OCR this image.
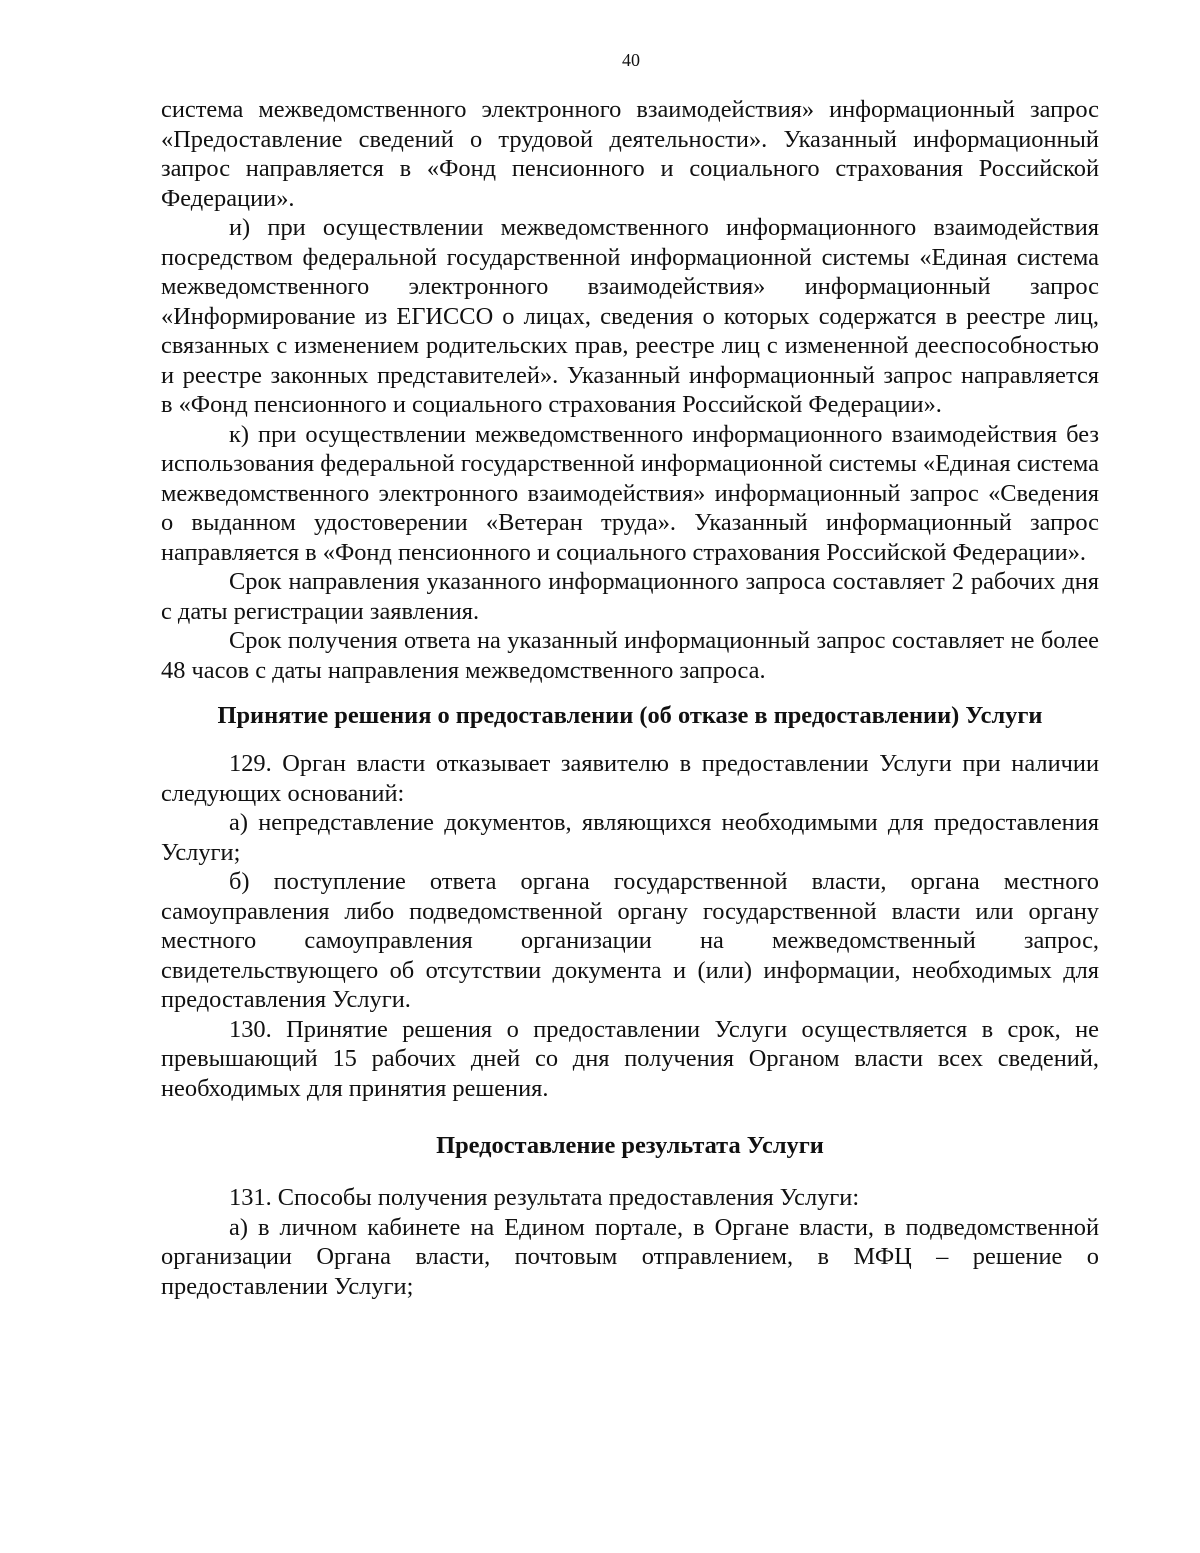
40

система межведомственного электронного взаимодействия» информационный запрос «Предоставление сведений о трудовой деятельности». Указанный информационный запрос направляется в «Фонд пенсионного и социального страхования Российской Федерации».

и) при осуществлении межведомственного информационного взаимодействия посредством федеральной государственной информационной системы «Единая система межведомственного электронного взаимодействия» информационный запрос «Информирование из ЕГИССО о лицах, сведения о которых содержатся в реестре лиц, связанных с изменением родительских прав, реестре лиц с измененной дееспособностью и реестре законных представителей». Указанный информационный запрос направляется в «Фонд пенсионного и социального страхования Российской Федерации».

к) при осуществлении межведомственного информационного взаимодействия без использования федеральной государственной информационной системы «Единая система межведомственного электронного взаимодействия» информационный запрос «Сведения о выданном удостоверении «Ветеран труда». Указанный информационный запрос направляется в «Фонд пенсионного и социального страхования Российской Федерации».

Срок направления указанного информационного запроса составляет 2 рабочих дня с даты регистрации заявления.

Срок получения ответа на указанный информационный запрос составляет не более 48 часов с даты направления межведомственного запроса.

Принятие решения о предоставлении (об отказе в предоставлении) Услуги

129. Орган власти отказывает заявителю в предоставлении Услуги при наличии следующих оснований:

а) непредставление документов, являющихся необходимыми для предоставления Услуги;

б) поступление ответа органа государственной власти, органа местного самоуправления либо подведомственной органу государственной власти или органу местного самоуправления организации на межведомственный запрос, свидетельствующего об отсутствии документа и (или) информации, необходимых для предоставления Услуги.

130. Принятие решения о предоставлении Услуги осуществляется в срок, не превышающий 15 рабочих дней со дня получения Органом власти всех сведений, необходимых для принятия решения.

Предоставление результата Услуги

131. Способы получения результата предоставления Услуги:

а) в личном кабинете на Едином портале, в Органе власти, в подведомственной организации Органа власти, почтовым отправлением, в МФЦ – решение о предоставлении Услуги;
